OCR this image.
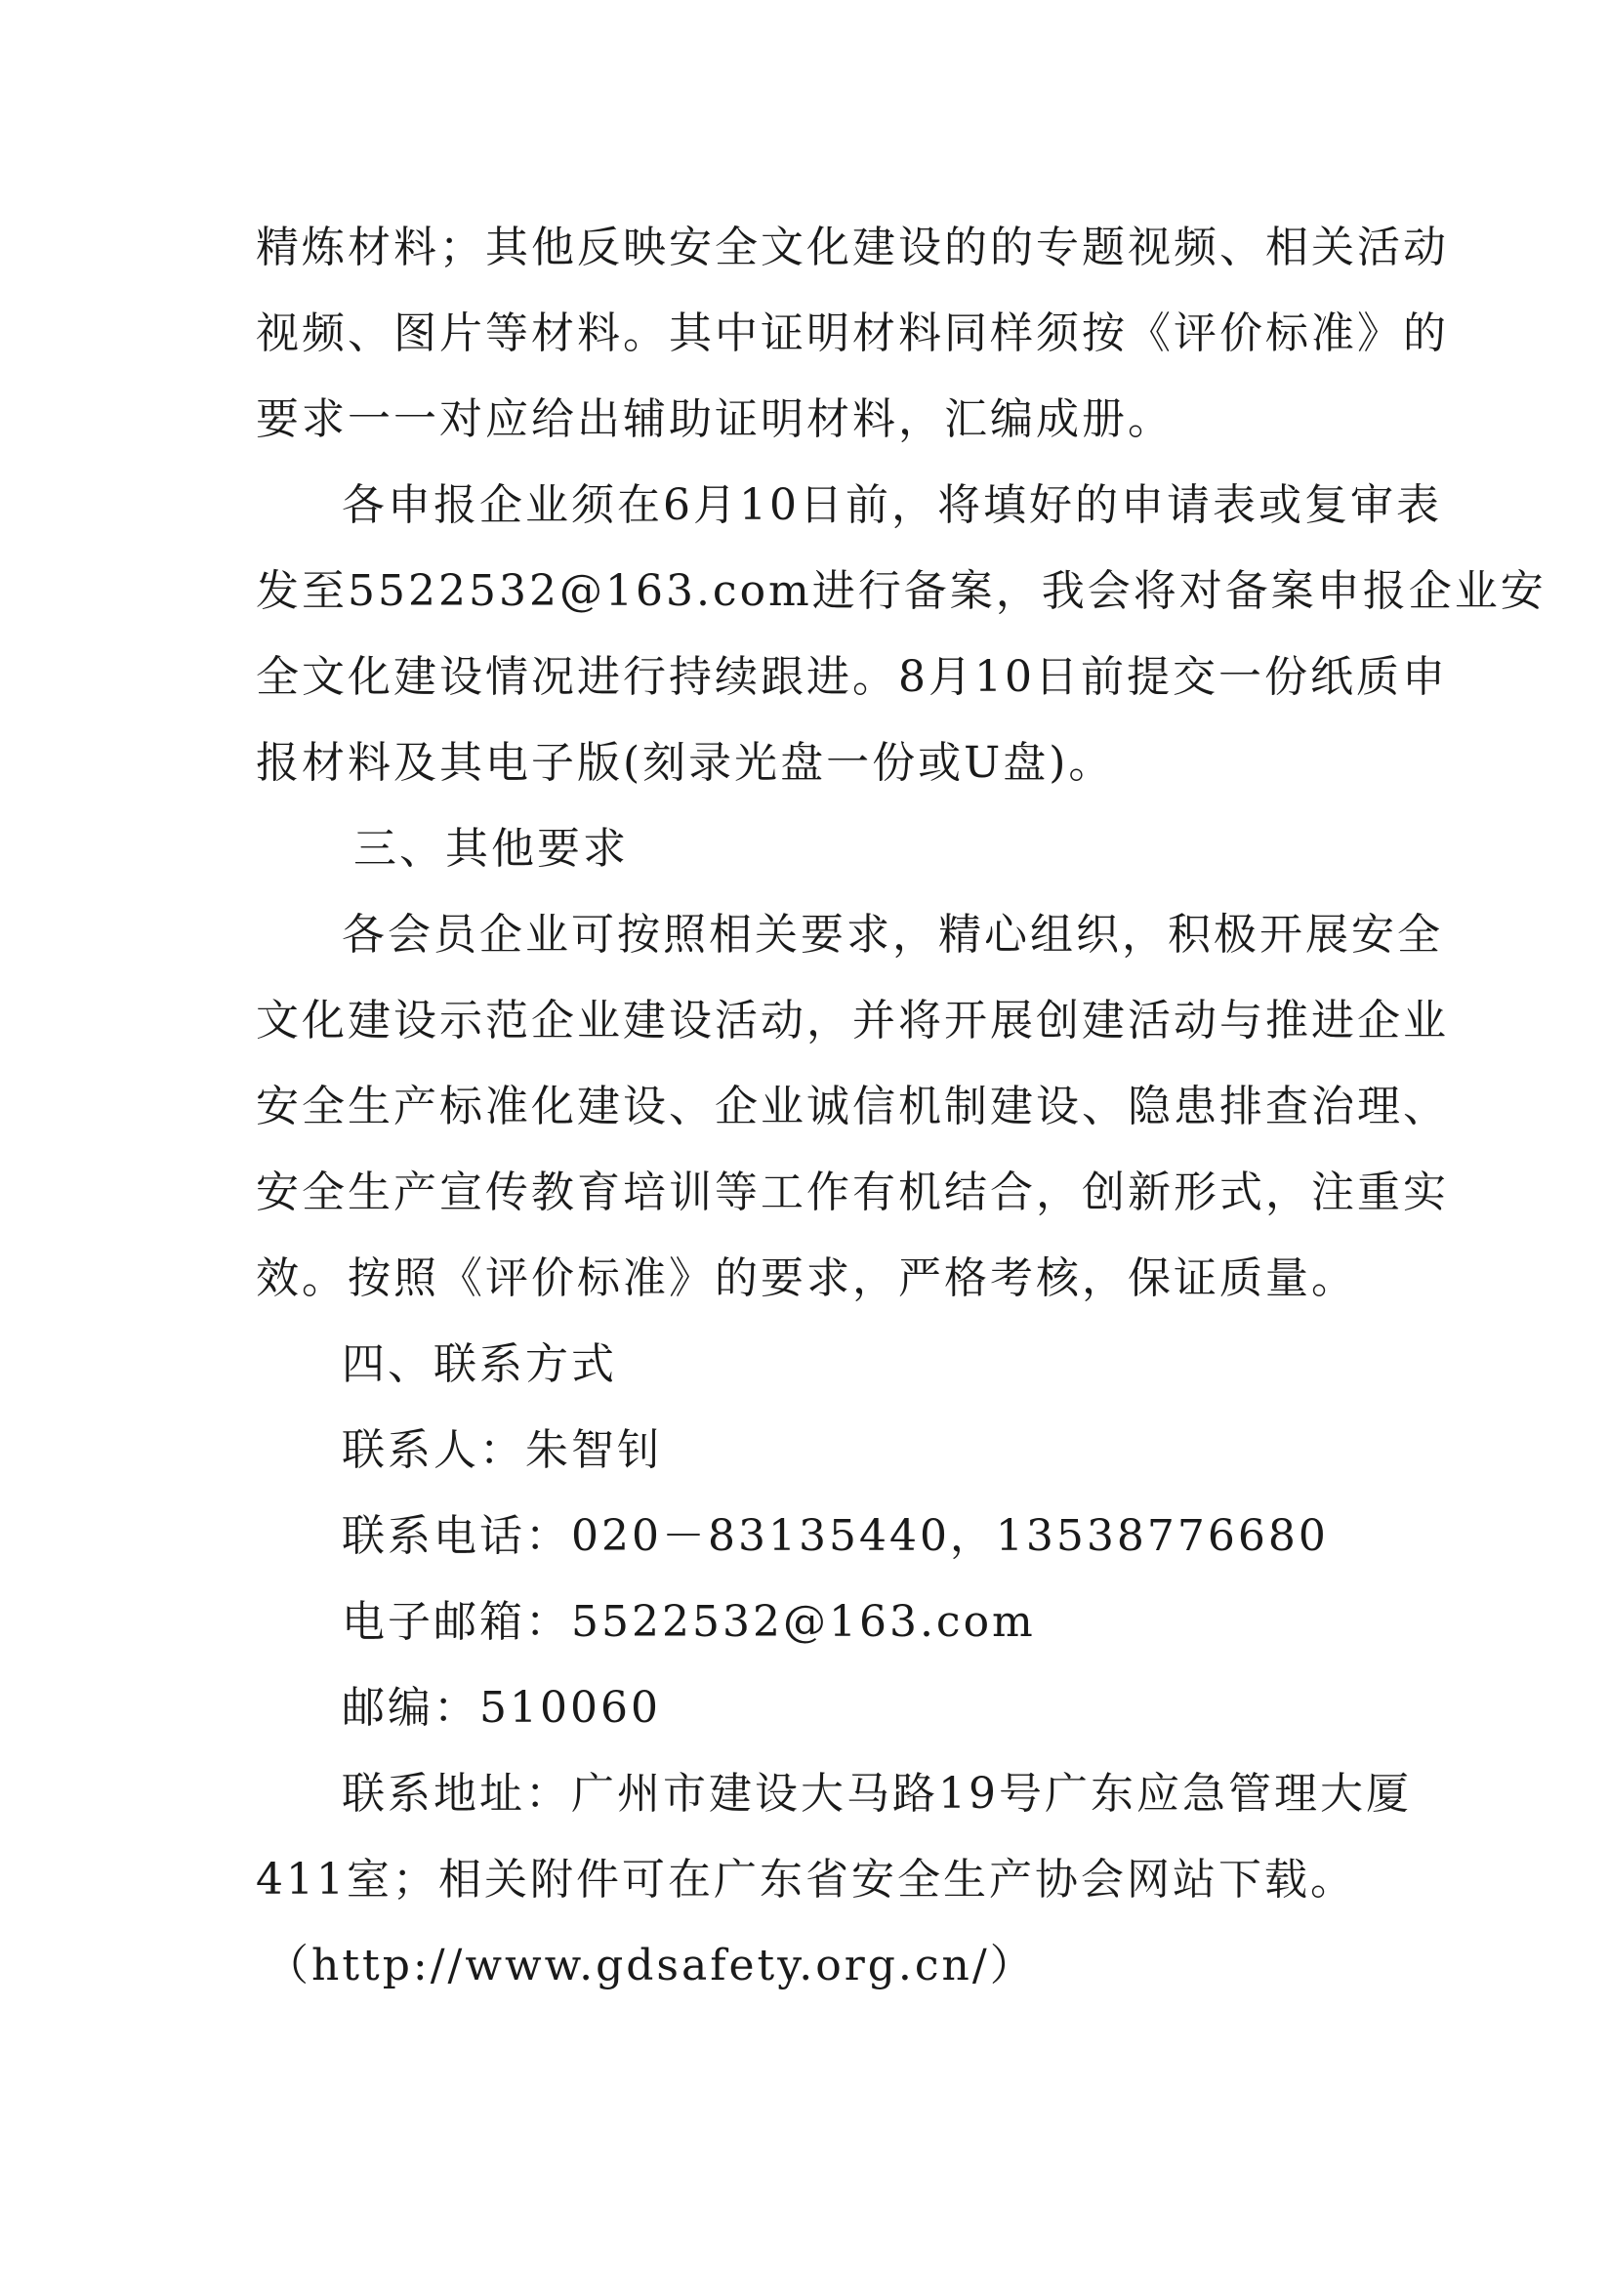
精炼材料；其他反映安全文化建设的的专题视频、相关活动
视频、图片等材料。其中证明材料同样须按《评价标准》的
要求一一对应给出辅助证明材料，汇编成册。
各申报企业须在6月10日前，将填好的申请表或复审表
发至5522532@163.com进行备案，我会将对备案申报企业安
全文化建设情况进行持续跟进。8月10日前提交一份纸质申
报材料及其电子版(刻录光盘一份或U盘)。
三、其他要求
各会员企业可按照相关要求，精心组织，积极开展安全
文化建设示范企业建设活动，并将开展创建活动与推进企业
安全生产标准化建设、企业诚信机制建设、隐患排查治理、
安全生产宣传教育培训等工作有机结合，创新形式，注重实
效。按照《评价标准》的要求，严格考核，保证质量。
四、联系方式
联系人：朱智钊
联系电话：020－83135440，13538776680
电子邮箱：5522532@163.com
邮编：510060
联系地址：广州市建设大马路19号广东应急管理大厦
411室；相关附件可在广东省安全生产协会网站下载。
（http://www.gdsafety.org.cn/）
